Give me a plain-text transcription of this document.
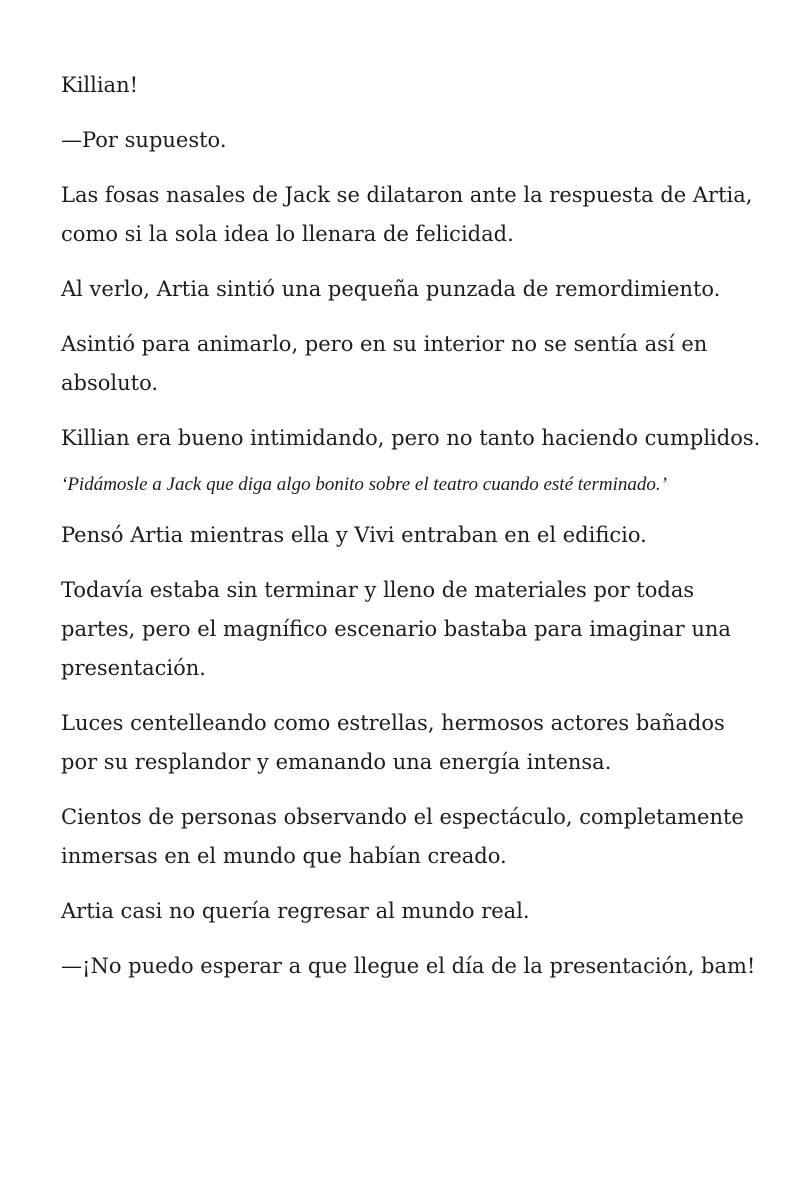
Killian!

—Por supuesto.

Las fosas nasales de Jack se dilataron ante la respuesta de Artia, como si la sola idea lo llenara de felicidad.

Al verlo, Artia sintió una pequeña punzada de remordimiento.

Asintió para animarlo, pero en su interior no se sentía así en absoluto.

Killian era bueno intimidando, pero no tanto haciendo cumplidos.

‘Pidámosle a Jack que diga algo bonito sobre el teatro cuando esté terminado.’

Pensó Artia mientras ella y Vivi entraban en el edificio.

Todavía estaba sin terminar y lleno de materiales por todas partes, pero el magnífico escenario bastaba para imaginar una presentación.

Luces centelleando como estrellas, hermosos actores bañados por su resplandor y emanando una energía intensa.

Cientos de personas observando el espectáculo, completamente inmersas en el mundo que habían creado.

Artia casi no quería regresar al mundo real.

—¡No puedo esperar a que llegue el día de la presentación, bam!
